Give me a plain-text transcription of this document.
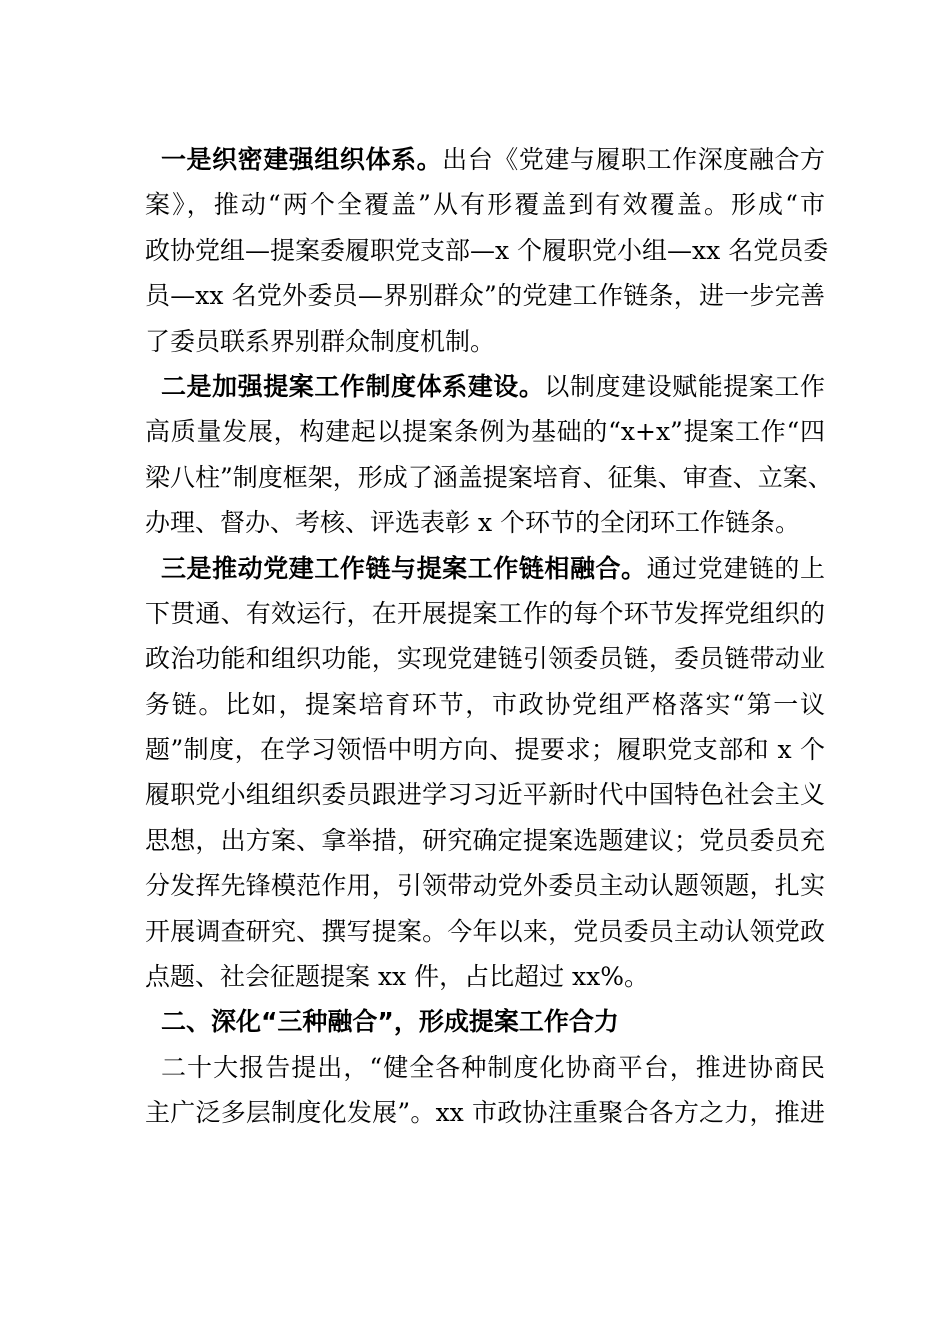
一是织密建强组织体系。出台《党建与履职工作深度融合方
案》，推动“两个全覆盖”从有形覆盖到有效覆盖。形成“市
政协党组—提案委履职党支部—x 个履职党小组—xx 名党员委
员—xx 名党外委员—界别群众”的党建工作链条，进一步完善
了委员联系界别群众制度机制。
二是加强提案工作制度体系建设。以制度建设赋能提案工作
高质量发展，构建起以提案条例为基础的“x+x”提案工作“四
梁八柱”制度框架，形成了涵盖提案培育、征集、审查、立案、
办理、督办、考核、评选表彰 x 个环节的全闭环工作链条。
三是推动党建工作链与提案工作链相融合。通过党建链的上
下贯通、有效运行，在开展提案工作的每个环节发挥党组织的
政治功能和组织功能，实现党建链引领委员链，委员链带动业
务链。比如，提案培育环节，市政协党组严格落实“第一议
题”制度，在学习领悟中明方向、提要求；履职党支部和 x 个
履职党小组组织委员跟进学习习近平新时代中国特色社会主义
思想，出方案、拿举措，研究确定提案选题建议；党员委员充
分发挥先锋模范作用，引领带动党外委员主动认题领题，扎实
开展调查研究、撰写提案。今年以来，党员委员主动认领党政
点题、社会征题提案 xx 件，占比超过 xx%。
二、深化“三种融合”，形成提案工作合力
二十大报告提出，“健全各种制度化协商平台，推进协商民
主广泛多层制度化发展”。xx 市政协注重聚合各方之力，推进
